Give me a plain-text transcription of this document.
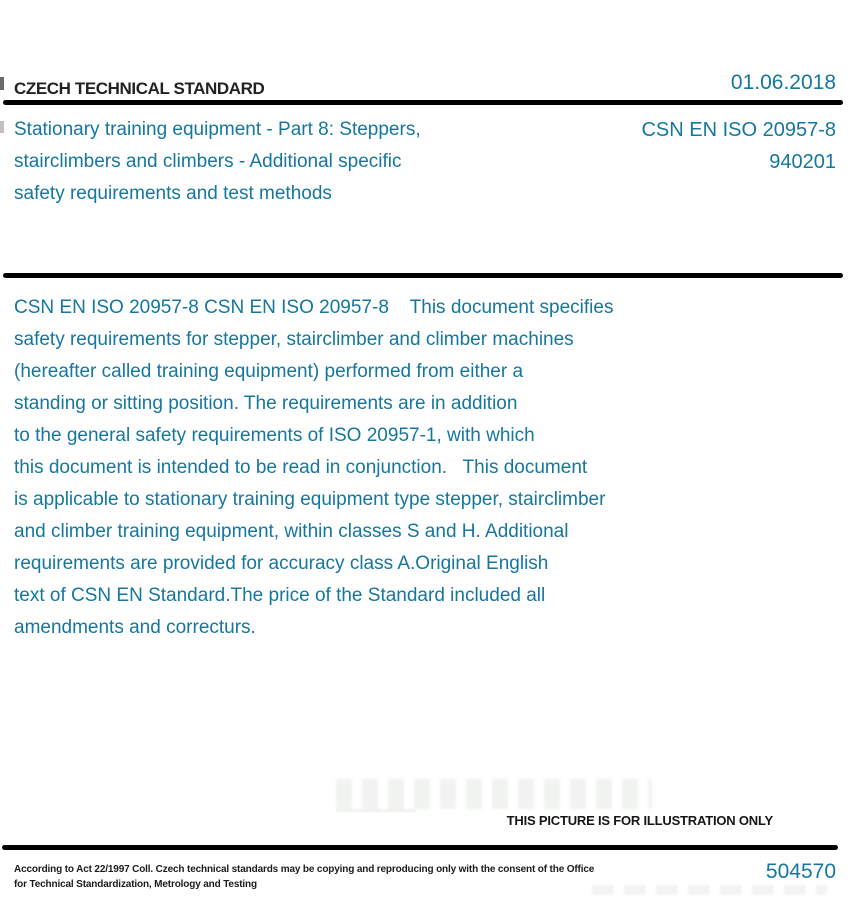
CZECH TECHNICAL STANDARD	01.06.2018
Stationary training equipment - Part 8: Steppers,
stairclimbers and climbers - Additional specific
safety requirements and test methods
CSN EN ISO 20957-8
940201
CSN EN ISO 20957-8 CSN EN ISO 20957-8    This document specifies
safety requirements for stepper, stairclimber and climber machines
(hereafter called training equipment) performed from either a
standing or sitting position. The requirements are in addition
to the general safety requirements of ISO 20957-1, with which
this document is intended to be read in conjunction.   This document
is applicable to stationary training equipment type stepper, stairclimber
and climber training equipment, within classes S and H. Additional
requirements are provided for accuracy class A.Original English
text of CSN EN Standard.The price of the Standard included all
amendments and correcturs.
THIS PICTURE IS FOR ILLUSTRATION ONLY
According to Act 22/1997 Coll. Czech technical standards may be copying and reproducing only with the consent of the Office
for Technical Standardization, Metrology and Testing
504570
